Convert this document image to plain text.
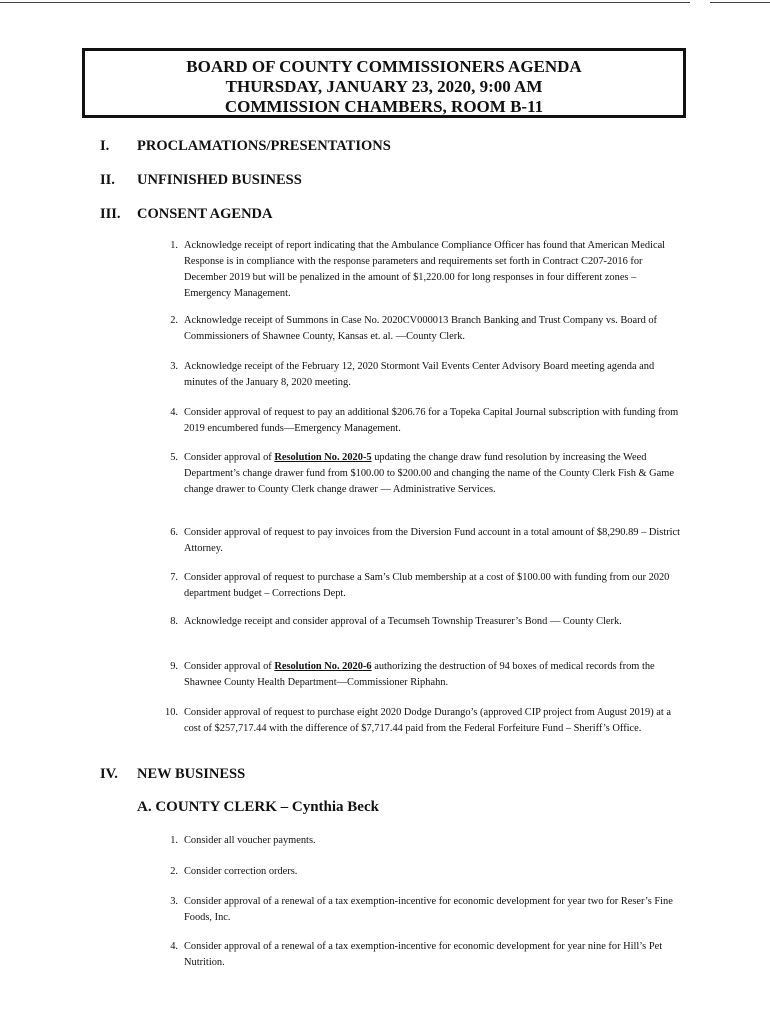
BOARD OF COUNTY COMMISSIONERS AGENDA
THURSDAY, JANUARY 23, 2020, 9:00 AM
COMMISSION CHAMBERS, ROOM B-11
I. PROCLAMATIONS/PRESENTATIONS
II. UNFINISHED BUSINESS
III. CONSENT AGENDA
1. Acknowledge receipt of report indicating that the Ambulance Compliance Officer has found that American Medical Response is in compliance with the response parameters and requirements set forth in Contract C207-2016 for December 2019 but will be penalized in the amount of $1,220.00 for long responses in four different zones – Emergency Management.
2. Acknowledge receipt of Summons in Case No. 2020CV000013 Branch Banking and Trust Company vs. Board of Commissioners of Shawnee County, Kansas et. al. —County Clerk.
3. Acknowledge receipt of the February 12, 2020 Stormont Vail Events Center Advisory Board meeting agenda and minutes of the January 8, 2020 meeting.
4. Consider approval of request to pay an additional $206.76 for a Topeka Capital Journal subscription with funding from 2019 encumbered funds—Emergency Management.
5. Consider approval of Resolution No. 2020-5 updating the change draw fund resolution by increasing the Weed Department’s change drawer fund from $100.00 to $200.00 and changing the name of the County Clerk Fish & Game change drawer to County Clerk change drawer — Administrative Services.
6. Consider approval of request to pay invoices from the Diversion Fund account in a total amount of $8,290.89 – District Attorney.
7. Consider approval of request to purchase a Sam’s Club membership at a cost of $100.00 with funding from our 2020 department budget – Corrections Dept.
8. Acknowledge receipt and consider approval of a Tecumseh Township Treasurer’s Bond — County Clerk.
9. Consider approval of Resolution No. 2020-6 authorizing the destruction of 94 boxes of medical records from the Shawnee County Health Department—Commissioner Riphahn.
10. Consider approval of request to purchase eight 2020 Dodge Durango’s (approved CIP project from August 2019) at a cost of $257,717.44 with the difference of $7,717.44 paid from the Federal Forfeiture Fund – Sheriff’s Office.
IV. NEW BUSINESS
A. COUNTY CLERK – Cynthia Beck
1. Consider all voucher payments.
2. Consider correction orders.
3. Consider approval of a renewal of a tax exemption-incentive for economic development for year two for Reser’s Fine Foods, Inc.
4. Consider approval of a renewal of a tax exemption-incentive for economic development for year nine for Hill’s Pet Nutrition.
